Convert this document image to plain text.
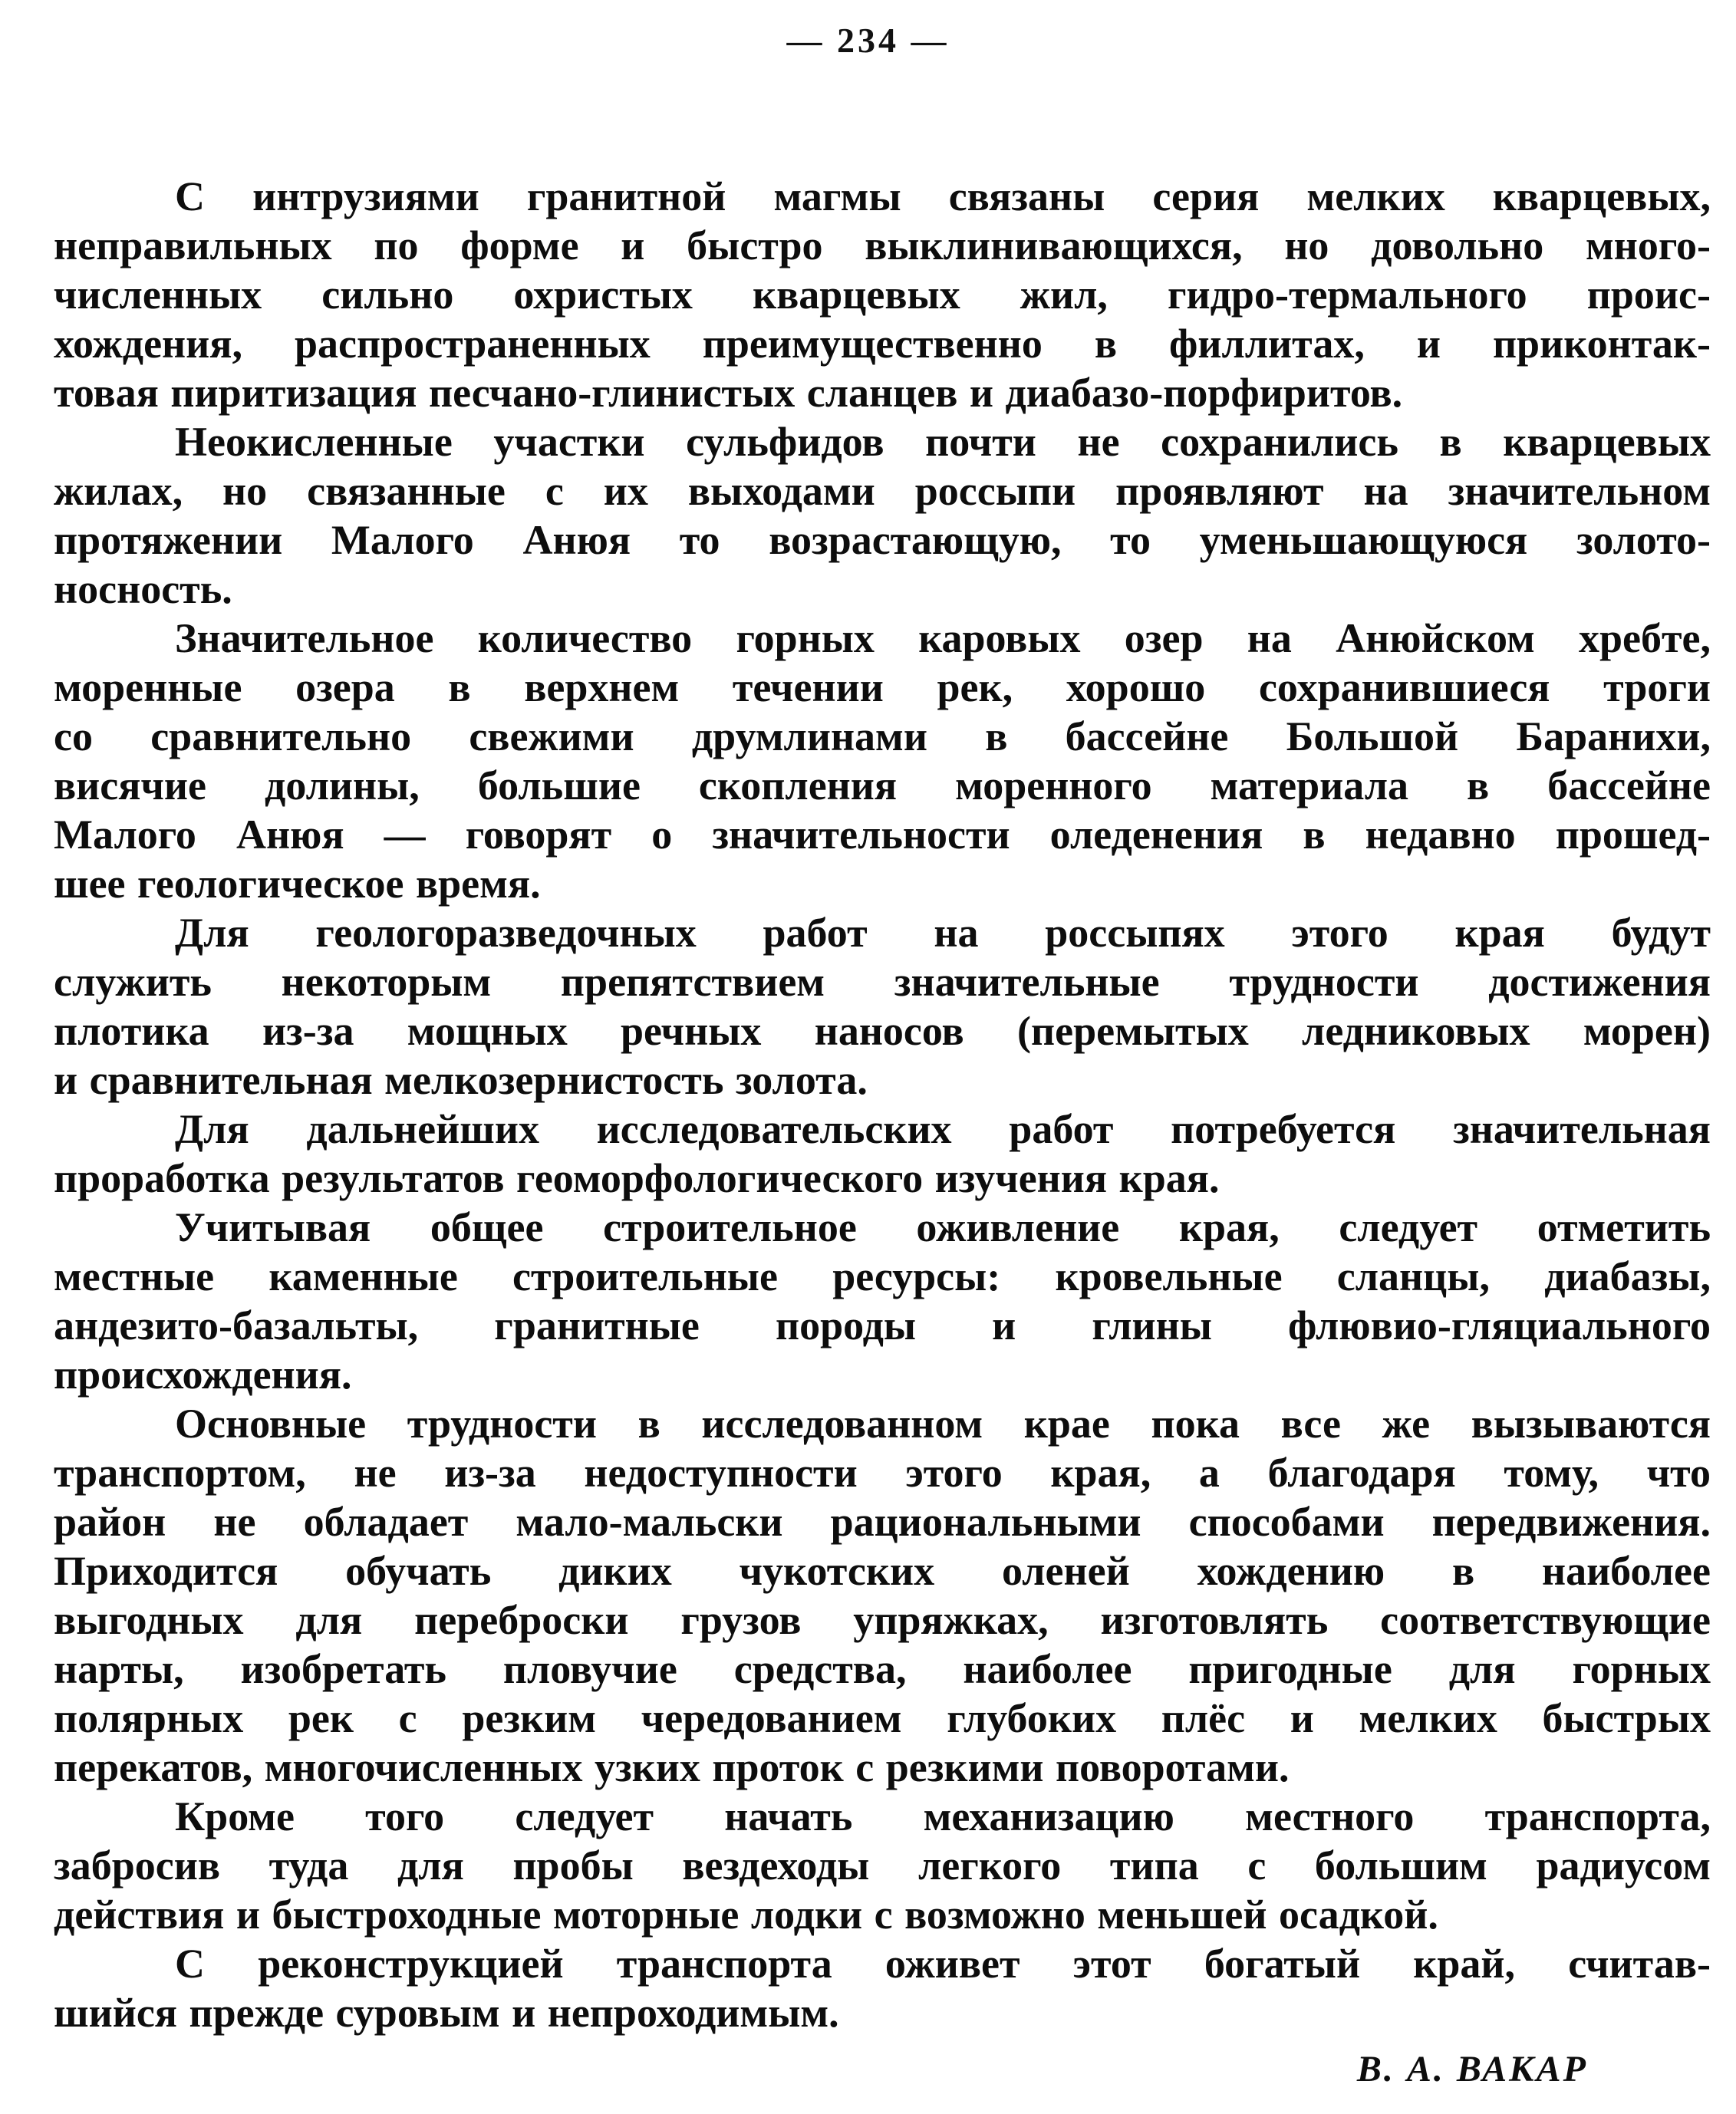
— 234 —
С интрузиями гранитной магмы связаны серия мелких кварцевых,
неправильных по форме и быстро выклинивающихся, но довольно много-
численных сильно охристых кварцевых жил, гидро-термального проис-
хождения, распространенных преимущественно в филлитах, и приконтак-
товая пиритизация песчано-глинистых сланцев и диабазо-порфиритов.
Неокисленные участки сульфидов почти не сохранились в кварцевых
жилах, но связанные с их выходами россыпи проявляют на значительном
протяжении Малого Анюя то возрастающую, то уменьшающуюся золото-
носность.
Значительное количество горных каровых озер на Анюйском хребте,
моренные озера в верхнем течении рек, хорошо сохранившиеся троги
со сравнительно свежими друмлинами в бассейне Большой Баранихи,
висячие долины, большие скопления моренного материала в бассейне
Малого Анюя — говорят о значительности оледенения в недавно прошед-
шее геологическое время.
Для геологоразведочных работ на россыпях этого края будут
служить некоторым препятствием значительные трудности достижения
плотика из-за мощных речных наносов (перемытых ледниковых морен)
и сравнительная мелкозернистость золота.
Для дальнейших исследовательских работ потребуется значительная
проработка результатов геоморфологического изучения края.
Учитывая общее строительное оживление края, следует отметить
местные каменные строительные ресурсы: кровельные сланцы, диабазы,
андезито-базальты, гранитные породы и глины флювио-гляциального
происхождения.
Основные трудности в исследованном крае пока все же вызываются
транспортом, не из-за недоступности этого края, а благодаря тому, что
район не обладает мало-мальски рациональными способами передвижения.
Приходится обучать диких чукотских оленей хождению в наиболее
выгодных для переброски грузов упряжках, изготовлять соответствующие
нарты, изобретать пловучие средства, наиболее пригодные для горных
полярных рек с резким чередованием глубоких плёс и мелких быстрых
перекатов, многочисленных узких проток с резкими поворотами.
Кроме того следует начать механизацию местного транспорта,
забросив туда для пробы вездеходы легкого типа с большим радиусом
действия и быстроходные моторные лодки с возможно меньшей осадкой.
С реконструкцией транспорта оживет этот богатый край, считав-
шийся прежде суровым и непроходимым.
В. А. ВАКАР
